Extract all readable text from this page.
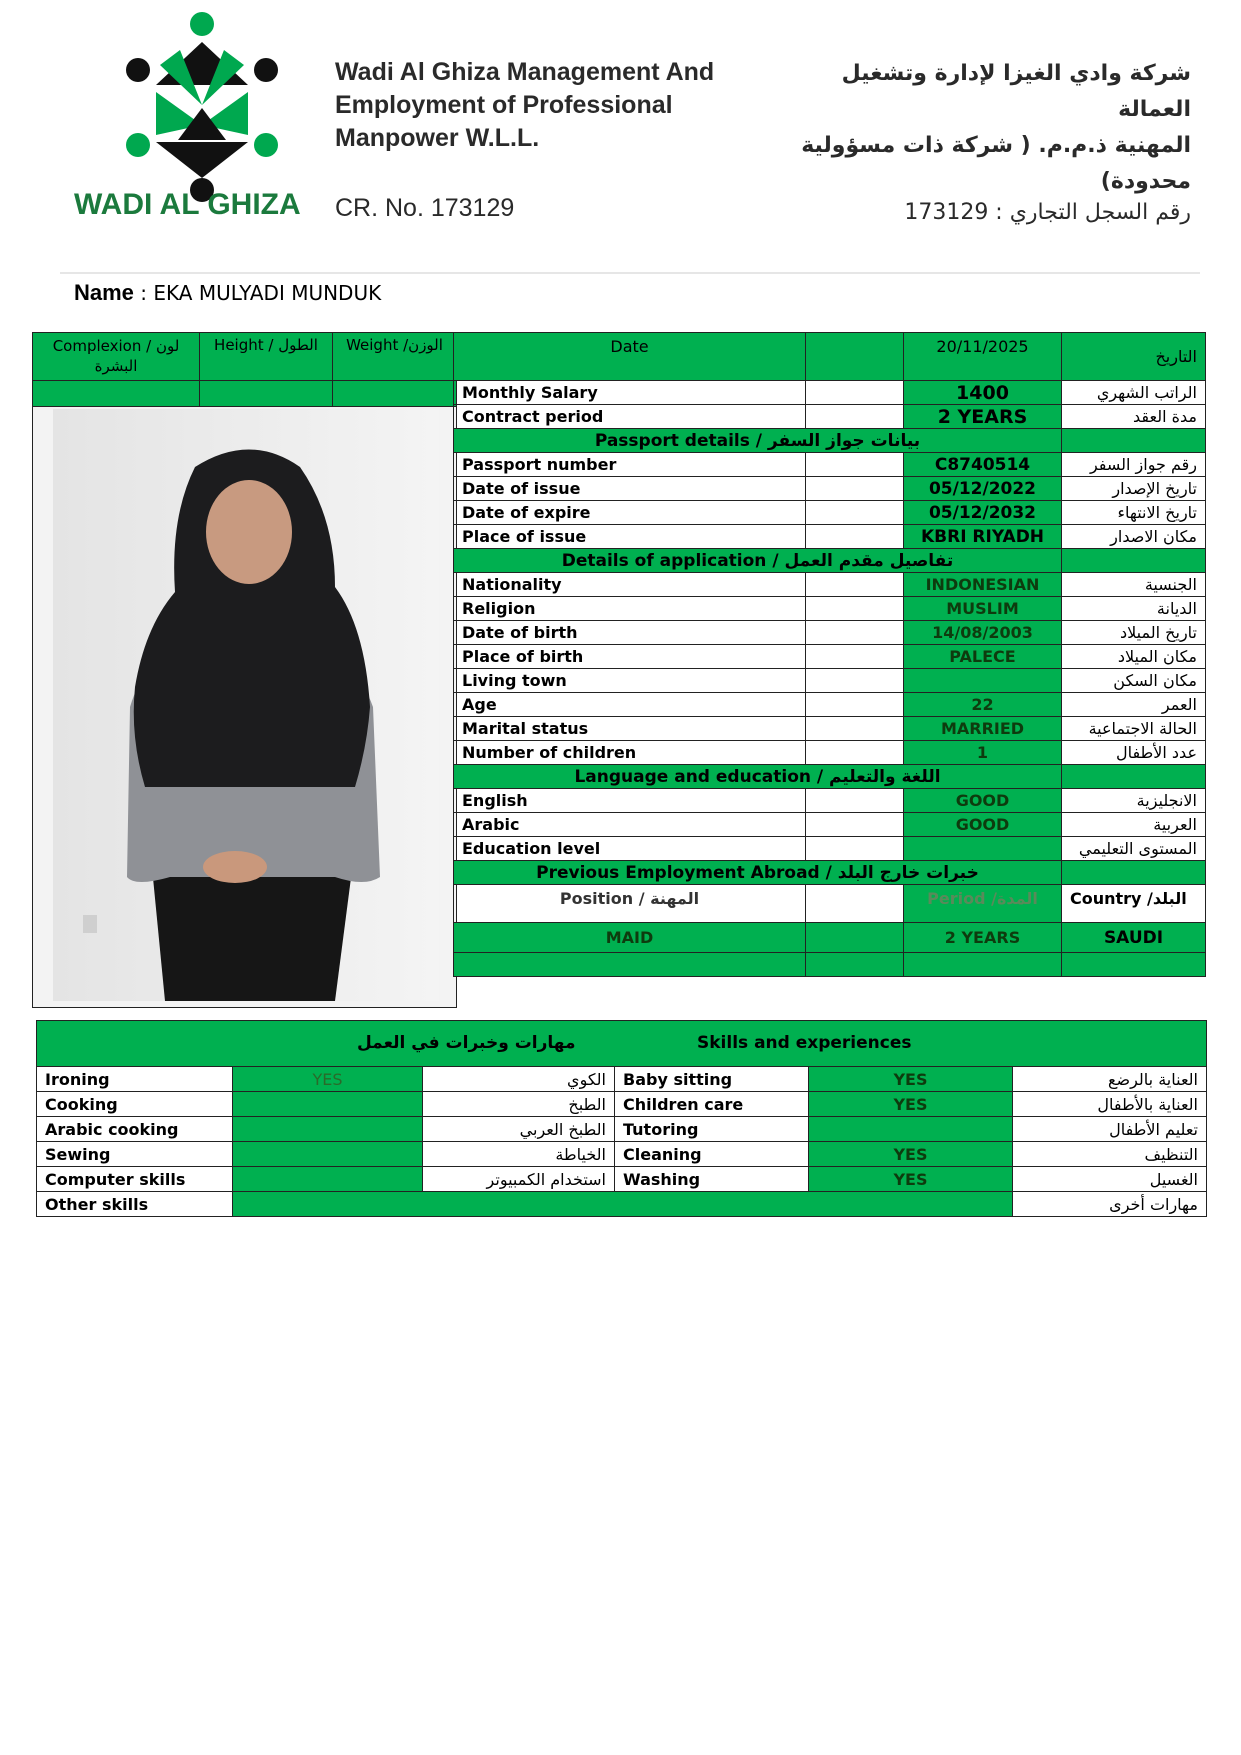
WADI AL GHIZA
Wadi Al Ghiza Management And
Employment of Professional
Manpower W.L.L.
CR. No. 173129
شركة وادي الغيزا لإدارة وتشغيل العمالة
المهنية ذ.م.م. ( شركة ذات مسؤولية
محدودة)
رقم السجل التجاري : 173129
Name : EKA MULYADI MUNDUK
Complexion / لون البشرة	Height / الطول	Weight /الوزن
			Date		20/11/2025	التاريخ
Monthly Salary		1400	الراتب الشهري
Contract period		2 YEARS	مدة العقد
Passport details / بيانات جواز السفر			
Passport number		C8740514	رقم جواز السفر
Date of issue		05/12/2022	تاريخ الإصدار
Date of expire		05/12/2032	تاريخ الانتهاء
Place of issue		KBRI RIYADH	مكان الاصدار
Details of application / تفاصيل مقدم العمل			
Nationality		INDONESIAN	الجنسية
Religion		MUSLIM	الديانة
Date of birth		14/08/2003	تاريخ الميلاد
Place of birth		PALECE	مكان الميلاد
Living town			مكان السكن
Age		22	العمر
Marital status		MARRIED	الحالة الاجتماعية
Number of children		1	عدد الأطفال
Language and education / اللغة والتعليم			
English		GOOD	الانجليزية
Arabic		GOOD	العربية
Education level			المستوى التعليمي
Previous Employment Abroad / خبرات خارج البلد			
Position / المهنة		Period /المدة	Country /البلد
MAID		2 YEARS	SAUDI

مهارات وخبرات في العمل Skills and experiences					

Ironing	YES	الكوي	Baby sitting	YES	العناية بالرضع
Cooking		الطبخ	Children care	YES	العناية بالأطفال
Arabic cooking		الطبخ العربي	Tutoring		تعليم الأطفال
Sewing		الخياطة	Cleaning	YES	التنظيف
Computer skills		استخدام الكمبيوتر	Washing	YES	الغسيل
Other skills					مهارات أخرى
